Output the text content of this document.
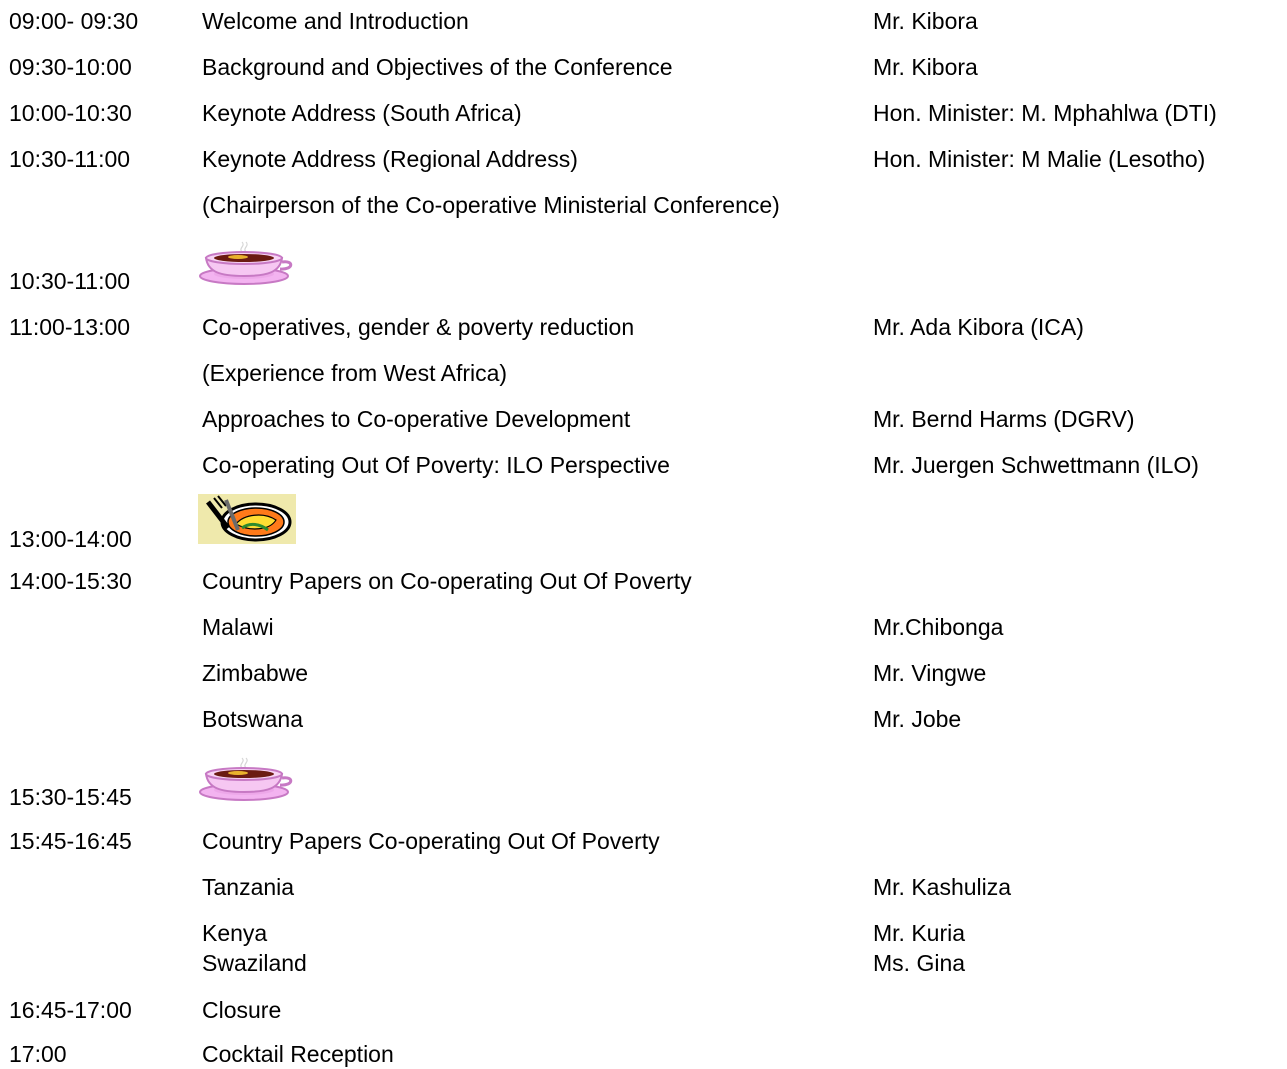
09:00- 09:30	Welcome and Introduction	Mr. Kibora
09:30-10:00	Background and Objectives of the Conference	Mr. Kibora
10:00-10:30	Keynote Address (South Africa)	Hon. Minister: M. Mphahlwa (DTI)
10:30-11:00	Keynote Address (Regional Address)	Hon. Minister: M Malie (Lesotho)
(Chairperson of the Co-operative Ministerial Conference)
10:30-11:00
11:00-13:00	Co-operatives, gender & poverty reduction	Mr. Ada Kibora (ICA)
(Experience from West Africa)
Approaches to Co-operative Development	Mr. Bernd Harms (DGRV)
Co-operating Out Of Poverty: ILO Perspective	Mr. Juergen Schwettmann (ILO)
13:00-14:00
14:00-15:30	Country Papers on Co-operating Out Of Poverty
Malawi	Mr.Chibonga
Zimbabwe	Mr. Vingwe
Botswana	Mr. Jobe
15:30-15:45
15:45-16:45	Country Papers Co-operating Out Of Poverty
Tanzania	Mr. Kashuliza
Kenya	Mr. Kuria
Swaziland	Ms. Gina
16:45-17:00	Closure
17:00	Cocktail Reception
